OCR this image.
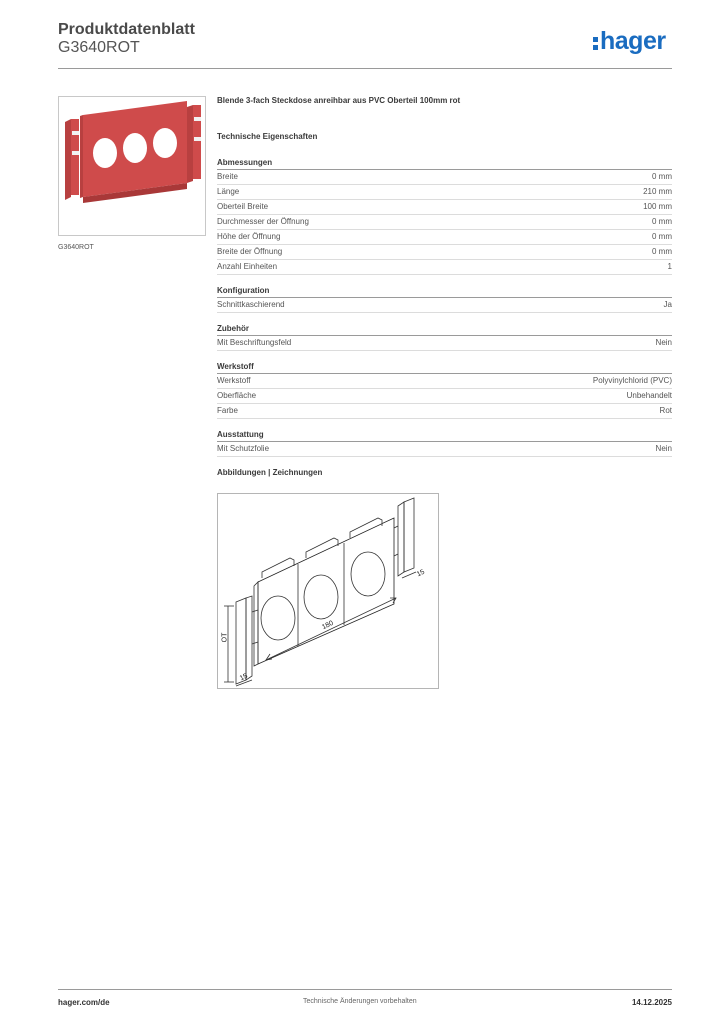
Produktdatenblatt
G3640ROT	hager
G3640ROT
Blende 3-fach Steckdose anreihbar aus PVC Oberteil 100mm rot
Technische Eigenschaften
Abmessungen
Breite	0 mm
Länge	210 mm
Oberteil Breite	100 mm
Durchmesser der Öffnung	0 mm
Höhe der Öffnung	0 mm
Breite der Öffnung	0 mm
Anzahl Einheiten	1
Konfiguration
Schnittkaschierend	Ja
Zubehör
Mit Beschriftungsfeld	Nein
Werkstoff
Werkstoff	Polyvinylchlorid (PVC)
Oberfläche	Unbehandelt
Farbe	Rot
Ausstattung
Mit Schutzfolie	Nein
Abbildungen | Zeichnungen
180
15
15
OT
hager.com/de	Technische Änderungen vorbehalten	14.12.2025
